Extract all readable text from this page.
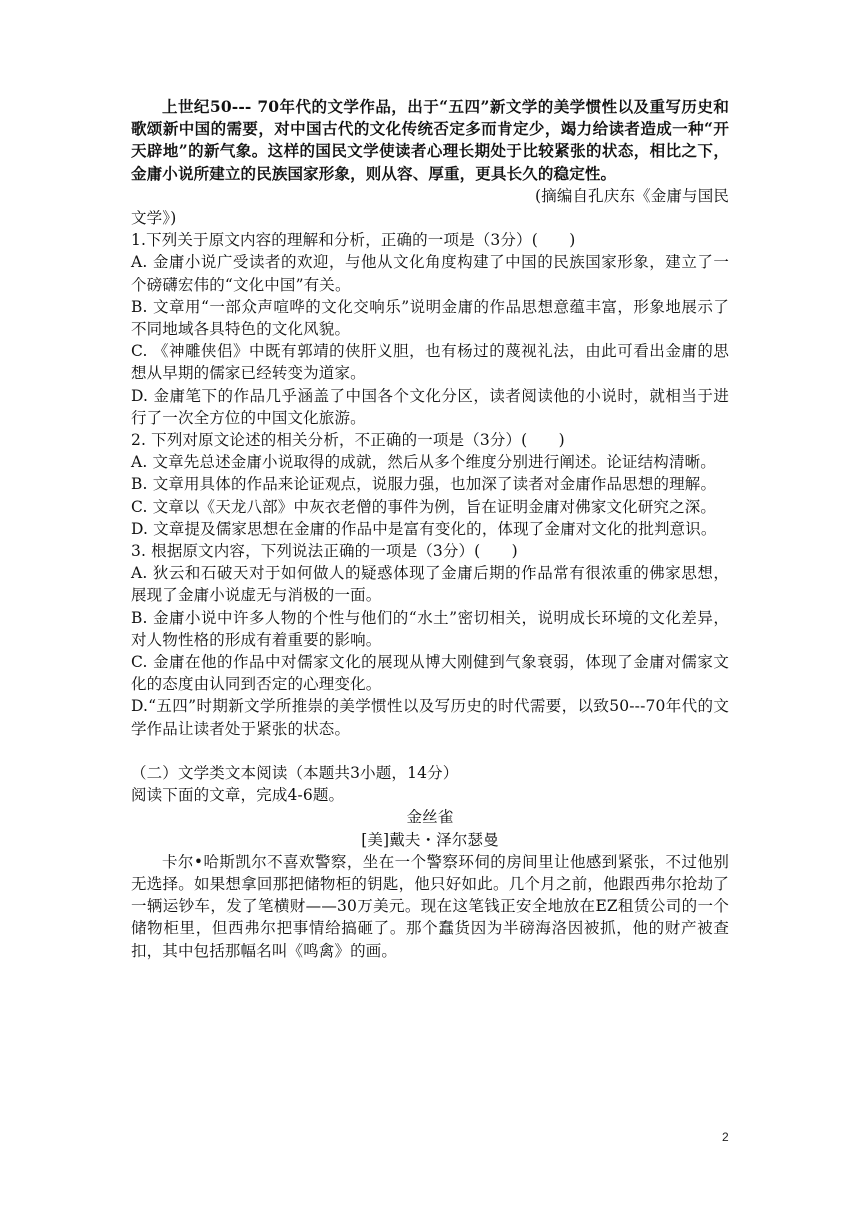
上世纪50--- 70年代的文学作品，出于“五四”新文学的美学惯性以及重写历史和歌颂新中国的需要，对中国古代的文化传统否定多而肯定少，竭力给读者造成一种“开天辟地”的新气象。这样的国民文学使读者心理长期处于比较紧张的状态，相比之下，金庸小说所建立的民族国家形象，则从容、厚重，更具长久的稳定性。

(摘编自孔庆东《金庸与国民

文学》)

1.下列关于原文内容的理解和分析，正确的一项是（3分）(　　)

A. 金庸小说广受读者的欢迎，与他从文化角度构建了中国的民族国家形象，建立了一个磅礴宏伟的“文化中国”有关。

B. 文章用“一部众声喧哗的文化交响乐”说明金庸的作品思想意蕴丰富，形象地展示了不同地域各具特色的文化风貌。

C. 《神雕侠侣》中既有郭靖的侠肝义胆，也有杨过的蔑视礼法，由此可看出金庸的思想从早期的儒家已经转变为道家。

D. 金庸笔下的作品几乎涵盖了中国各个文化分区，读者阅读他的小说时，就相当于进行了一次全方位的中国文化旅游。

2. 下列对原文论述的相关分析，不正确的一项是（3分）(　　)

A. 文章先总述金庸小说取得的成就，然后从多个维度分别进行阐述。论证结构清晰。

B. 文章用具体的作品来论证观点，说服力强，也加深了读者对金庸作品思想的理解。

C. 文章以《天龙八部》中灰衣老僧的事件为例，旨在证明金庸对佛家文化研究之深。

D. 文章提及儒家思想在金庸的作品中是富有变化的，体现了金庸对文化的批判意识。

3. 根据原文内容，下列说法正确的一项是（3分）(　　)

A. 狄云和石破天对于如何做人的疑惑体现了金庸后期的作品常有很浓重的佛家思想，展现了金庸小说虚无与消极的一面。

B. 金庸小说中许多人物的个性与他们的“水土”密切相关，说明成长环境的文化差异，对人物性格的形成有着重要的影响。

C. 金庸在他的作品中对儒家文化的展现从博大刚健到气象衰弱，体现了金庸对儒家文化的态度由认同到否定的心理变化。

D.“五四”时期新文学所推崇的美学惯性以及写历史的时代需要，以致50---70年代的文学作品让读者处于紧张的状态。

（二）文学类文本阅读（本题共3小题，14分）

阅读下面的文章，完成4-6题。

金丝雀

[美]戴夫・泽尔瑟曼

卡尔•哈斯凯尔不喜欢警察，坐在一个警察环伺的房间里让他感到紧张，不过他别无选择。如果想拿回那把储物柜的钥匙，他只好如此。几个月之前，他跟西弗尔抢劫了一辆运钞车，发了笔横财——30万美元。现在这笔钱正安全地放在EZ租赁公司的一个储物柜里，但西弗尔把事情给搞砸了。那个蠢货因为半磅海洛因被抓，他的财产被查扣，其中包括那幅名叫《鸣禽》的画。

2
